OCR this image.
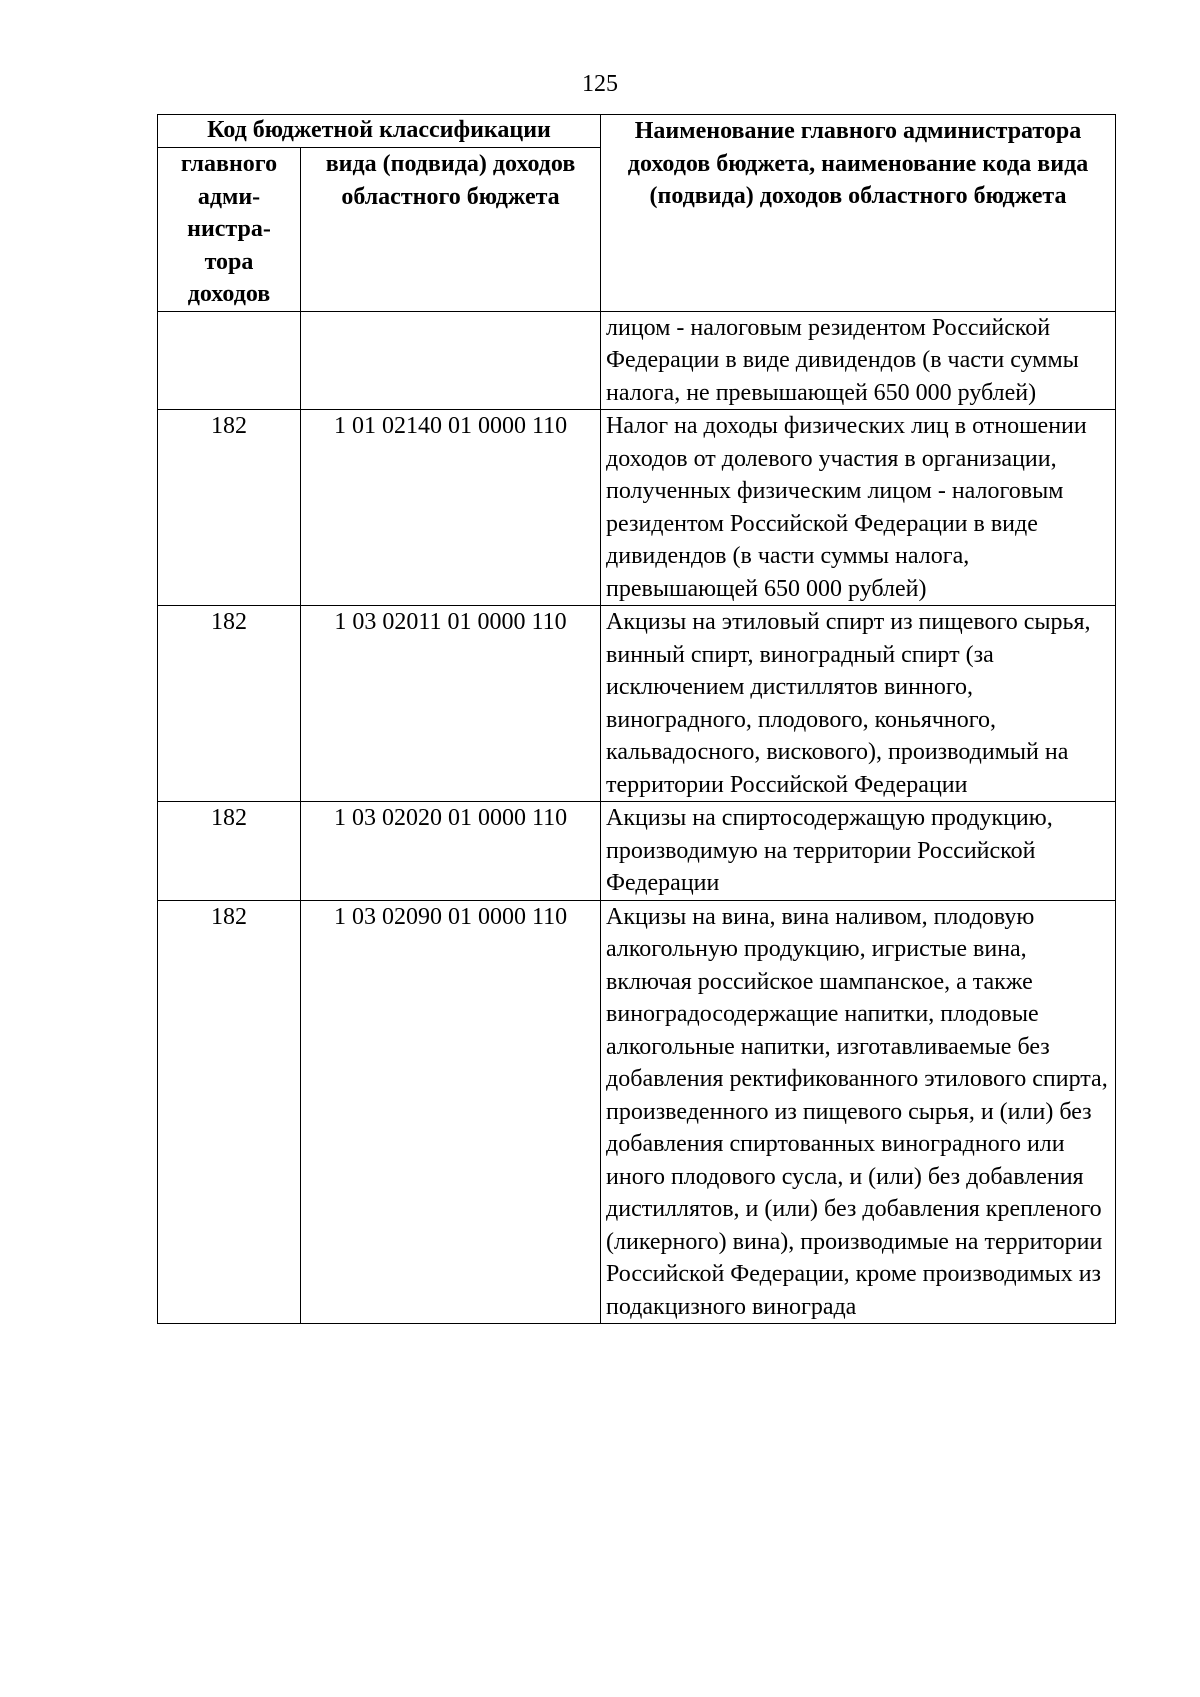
125
Код бюджетной классификации		Наименование главного администратора доходов бюджета, наименование кода вида (подвида) доходов областного бюджета
главного адми-нистра-тора доходов	вида (подвида) доходов областного бюджета	
		лицом - налоговым резидентом Российской Федерации в виде дивидендов (в части суммы налога, не превышающей 650 000 рублей)
182	1 01 02140 01 0000 110	Налог на доходы физических лиц в отношении доходов от долевого участия в организации, полученных физическим лицом - налоговым резидентом Российской Федерации в виде дивидендов (в части суммы налога, превышающей 650 000 рублей)
182	1 03 02011 01 0000 110	Акцизы на этиловый спирт из пищевого сырья, винный спирт, виноградный спирт (за исключением дистиллятов винного, виноградного, плодового, коньячного, кальвадосного, вискового), производимый на территории Российской Федерации
182	1 03 02020 01 0000 110	Акцизы на спиртосодержащую продукцию, производимую на территории Российской Федерации
182	1 03 02090 01 0000 110	Акцизы на вина, вина наливом, плодовую алкогольную продукцию, игристые вина, включая российское шампанское, а также виноградосодержащие напитки, плодовые алкогольные напитки, изготавливаемые без добавления ректификованного этилового спирта, произведенного из пищевого сырья, и (или) без добавления спиртованных виноградного или иного плодового сусла, и (или) без добавления дистиллятов, и (или) без добавления крепленого (ликерного) вина), производимые на территории Российской Федерации, кроме производимых из подакцизного винограда
